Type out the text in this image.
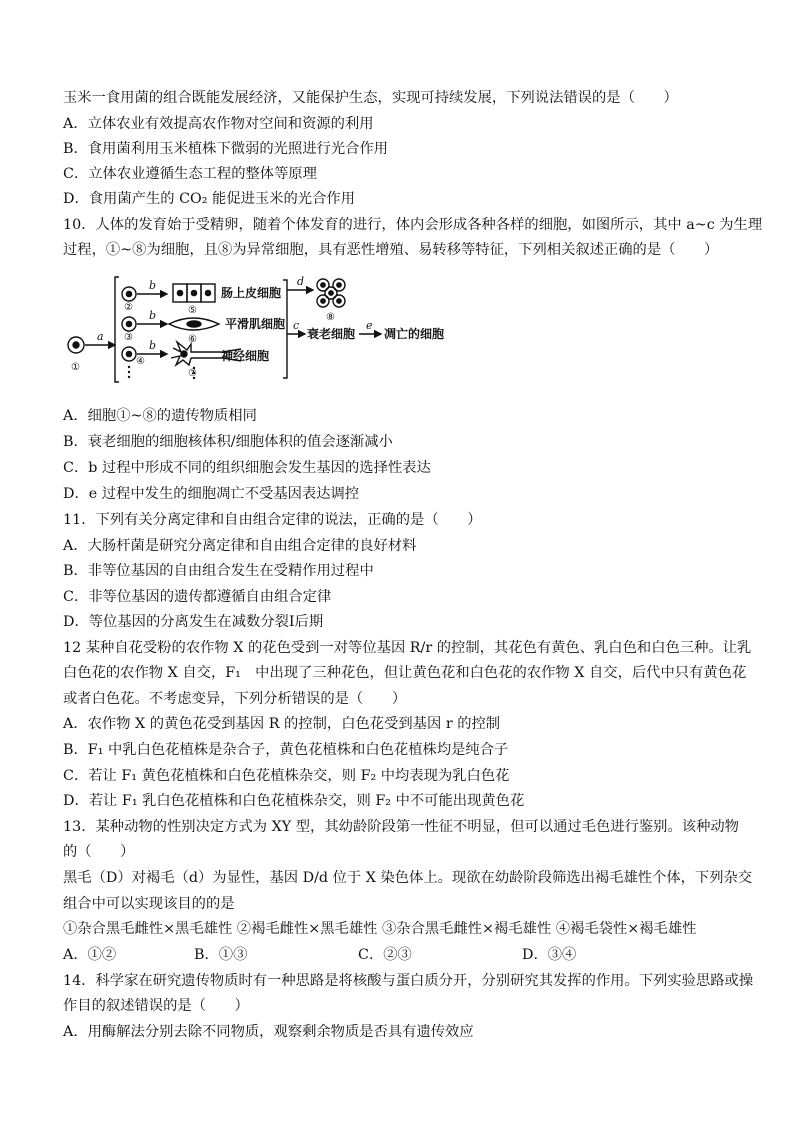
玉米一食用菌的组合既能发展经济，又能保护生态，实现可持续发展，下列说法错误的是（　　）
A．立体农业有效提高农作物对空间和资源的利用
B．食用菌利用玉米植株下微弱的光照进行光合作用
C．立体农业遵循生态工程的整体等原理
D．食用菌产生的 CO₂ 能促进玉米的光合作用
10．人体的发育始于受精卵，随着个体发育的进行，体内会形成各种各样的细胞，如图所示，其中 a~c 为生理
过程，①~⑧为细胞，且⑧为异常细胞，具有恶性增殖、易转移等特征，下列相关叙述正确的是（　　）
a
b
b
b
d
c	e
①
②
③
④
⑤
⑥
⑦
⑧
肠上皮细胞
平滑肌细胞
神经细胞
衰老细胞 凋亡的细胞
A．细胞①~⑧的遗传物质相同
B．衰老细胞的细胞核体积/细胞体积的值会逐渐减小
C．b 过程中形成不同的组织细胞会发生基因的选择性表达
D．e 过程中发生的细胞凋亡不受基因表达调控
11．下列有关分离定律和自由组合定律的说法，正确的是（　　）
A．大肠杆菌是研究分离定律和自由组合定律的良好材料
B．非等位基因的自由组合发生在受精作用过程中
C．非等位基因的遗传都遵循自由组合定律
D．等位基因的分离发生在减数分裂Ⅰ后期
12 某种自花受粉的农作物 X 的花色受到一对等位基因 R/r 的控制，其花色有黄色、乳白色和白色三种。让乳
白色花的农作物 X 自交，F₁　中出现了三种花色，但让黄色花和白色花的农作物 X 自交，后代中只有黄色花
或者白色花。不考虑变异，下列分析错误的是（　　）
A．农作物 X 的黄色花受到基因 R 的控制，白色花受到基因 r 的控制
B．F₁ 中乳白色花植株是杂合子，黄色花植株和白色花植株均是纯合子
C．若让 F₁ 黄色花植株和白色花植株杂交，则 F₂ 中均表现为乳白色花
D．若让 F₁ 乳白色花植株和白色花植株杂交，则 F₂ 中不可能出现黄色花
13．某种动物的性别决定方式为 XY 型，其幼龄阶段第一性征不明显，但可以通过毛色进行鉴别。该种动物
的（　　）
黑毛（D）对褐毛（d）为显性，基因 D/d 位于 X 染色体上。现欲在幼龄阶段筛选出褐毛雄性个体，下列杂交
组合中可以实现该目的的是
①杂合黑毛雌性×黑毛雄性 ②褐毛雌性×黑毛雄性 ③杂合黑毛雌性×褐毛雄性 ④褐毛袋性×褐毛雄性
A．①②	B．①③	C．②③	D．③④
14．科学家在研究遗传物质时有一种思路是将核酸与蛋白质分开，分别研究其发挥的作用。下列实验思路或操
作目的叙述错误的是（　　）
A．用酶解法分别去除不同物质，观察剩余物质是否具有遗传效应
